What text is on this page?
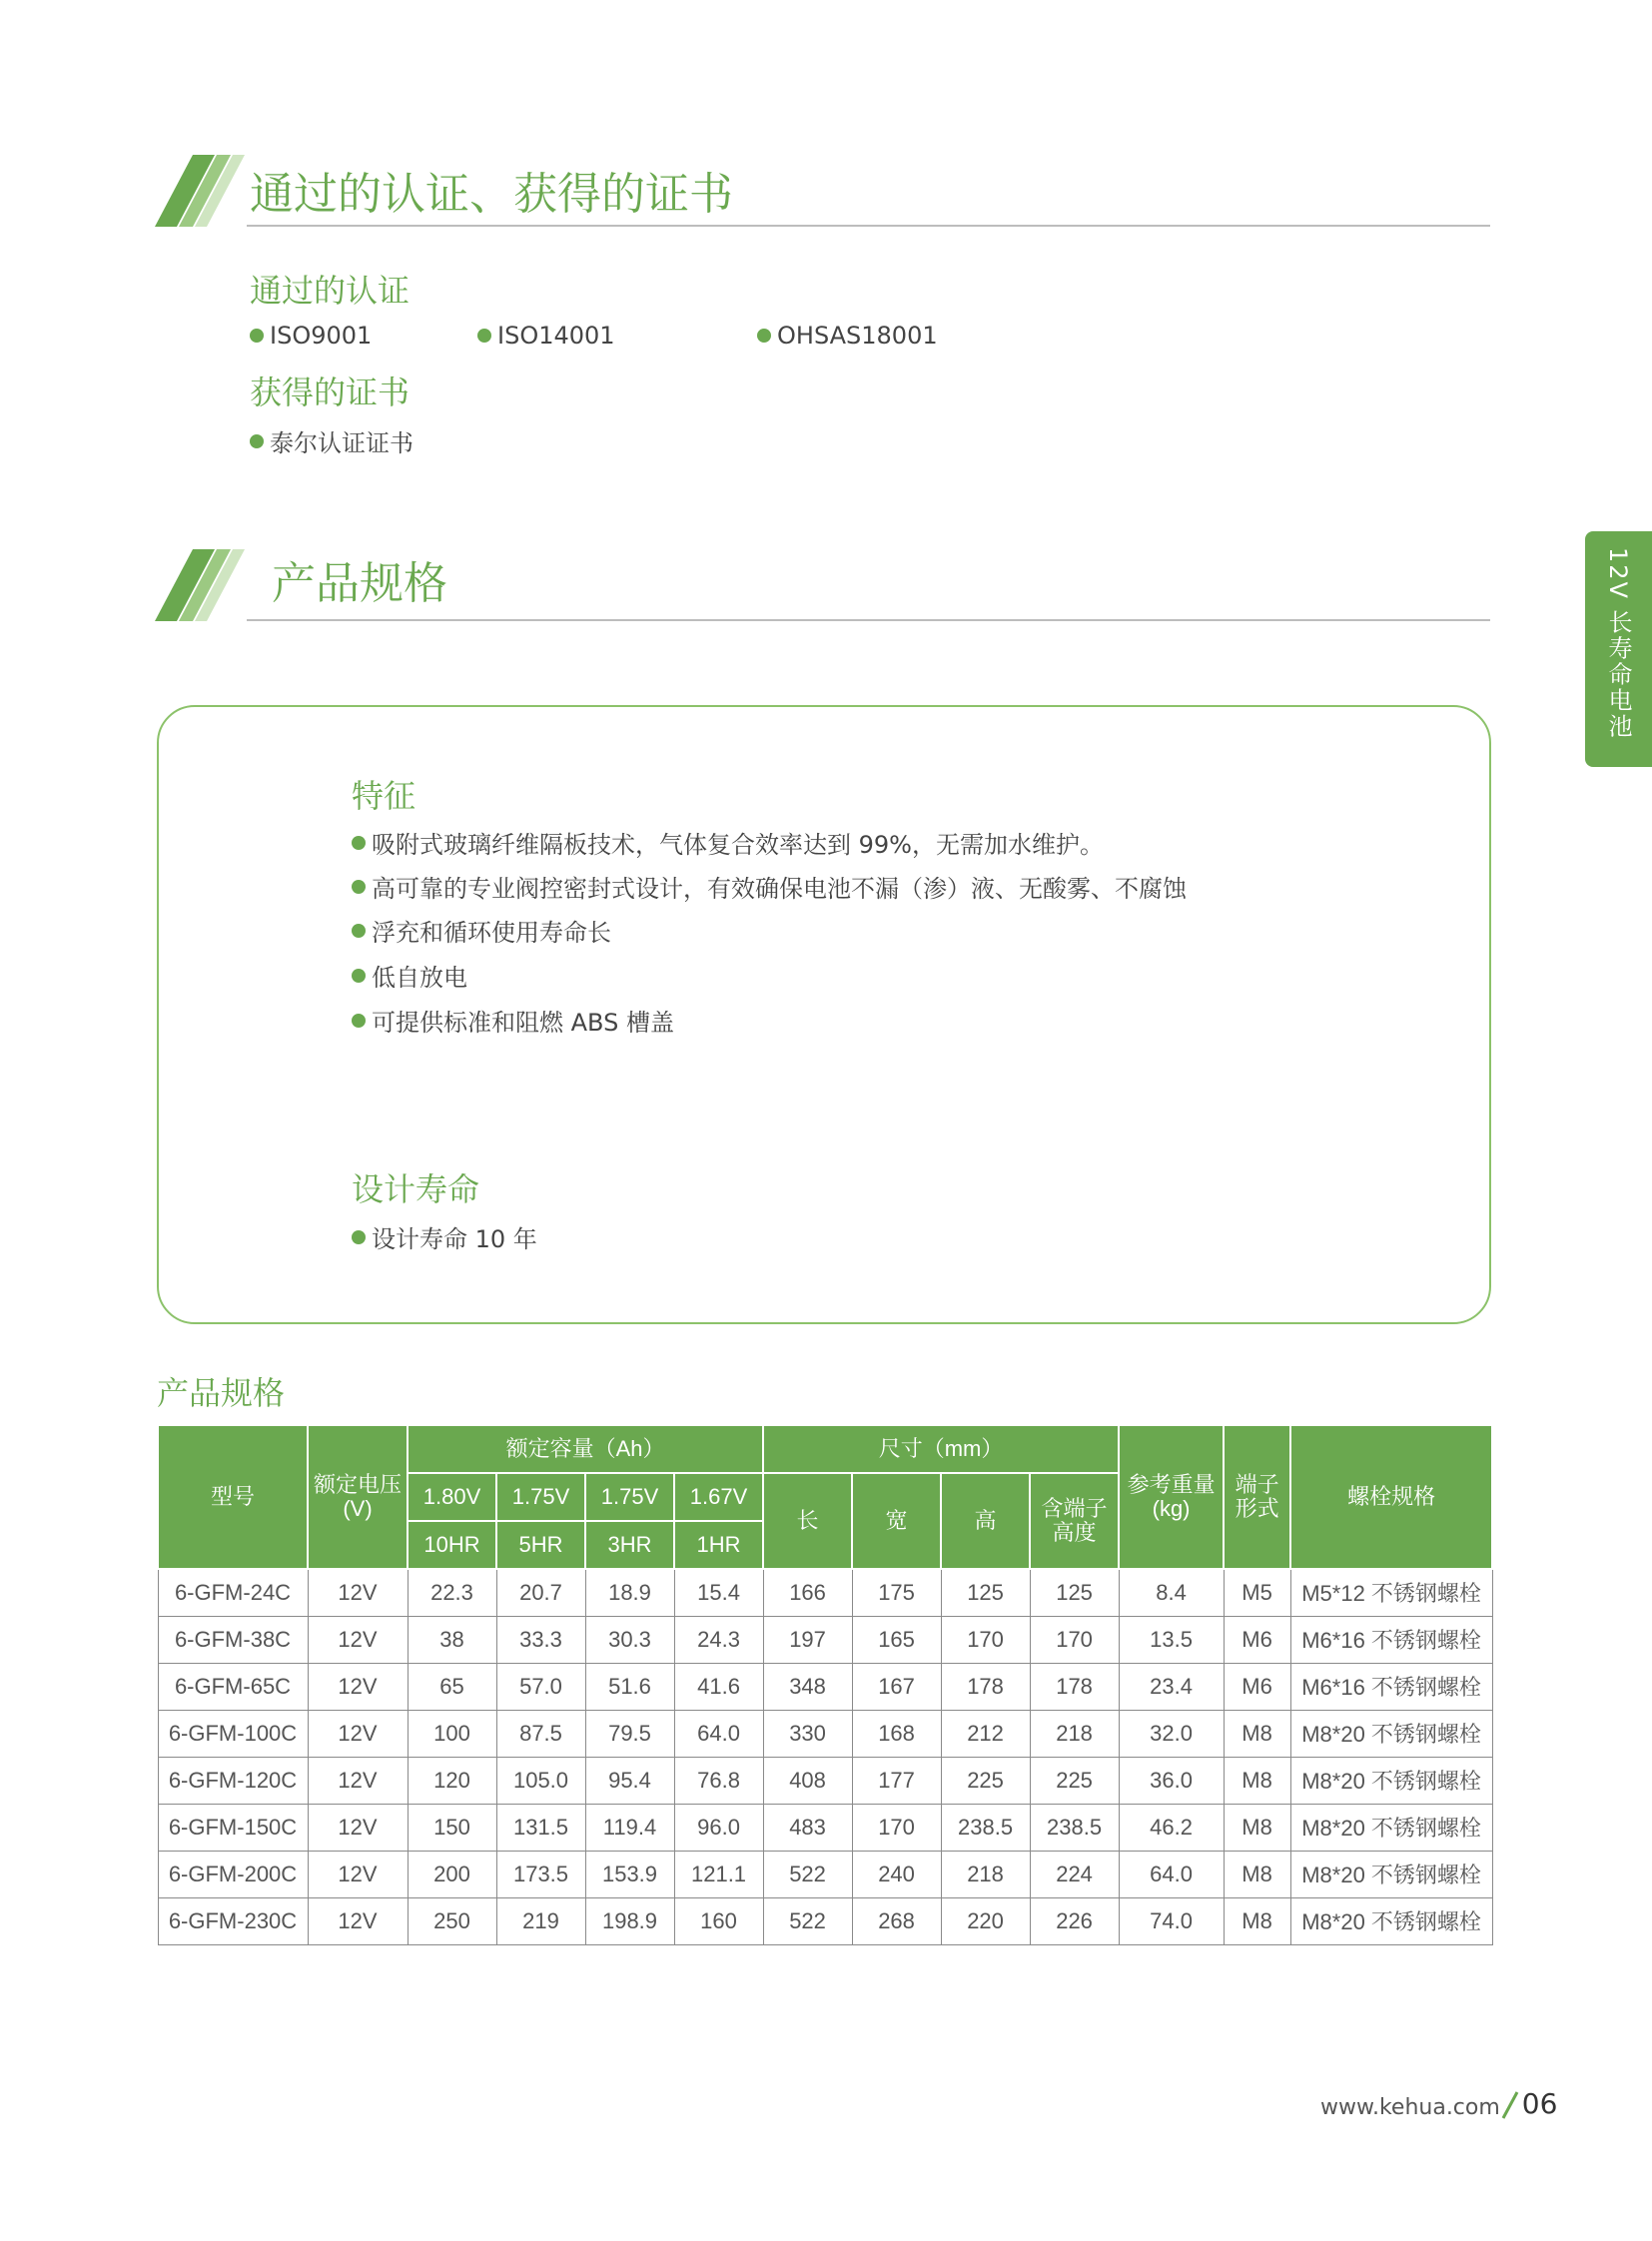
通过的认证、获得的证书
通过的认证
ISO9001	ISO14001	OHSAS18001
获得的证书
泰尔认证证书
产品规格	12V 长寿命电池
特征
吸附式玻璃纤维隔板技术，气体复合效率达到 99%，无需加水维护。
高可靠的专业阀控密封式设计，有效确保电池不漏（渗）液、无酸雾、不腐蚀
浮充和循环使用寿命长
低自放电
可提供标准和阻燃 ABS 槽盖
设计寿命
设计寿命 10 年
产品规格
型号	额定电压(V)	额定容量（Ah）				尺寸（mm）				参考重量(kg)	端子形式	螺栓规格
		1.80V	1.75V	1.75V	1.67V	长	宽	高	含端子高度			
		10HR	5HR	3HR	1HR							
6-GFM-24C	12V	22.3	20.7	18.9	15.4	166	175	125	125	8.4	M5	M5*12 不锈钢螺栓
6-GFM-38C	12V	38	33.3	30.3	24.3	197	165	170	170	13.5	M6	M6*16 不锈钢螺栓
6-GFM-65C	12V	65	57.0	51.6	41.6	348	167	178	178	23.4	M6	M6*16 不锈钢螺栓
6-GFM-100C	12V	100	87.5	79.5	64.0	330	168	212	218	32.0	M8	M8*20 不锈钢螺栓
6-GFM-120C	12V	120	105.0	95.4	76.8	408	177	225	225	36.0	M8	M8*20 不锈钢螺栓
6-GFM-150C	12V	150	131.5	119.4	96.0	483	170	238.5	238.5	46.2	M8	M8*20 不锈钢螺栓
6-GFM-200C	12V	200	173.5	153.9	121.1	522	240	218	224	64.0	M8	M8*20 不锈钢螺栓
6-GFM-230C	12V	250	219	198.9	160	522	268	220	226	74.0	M8	M8*20 不锈钢螺栓
www.kehua.com 06
